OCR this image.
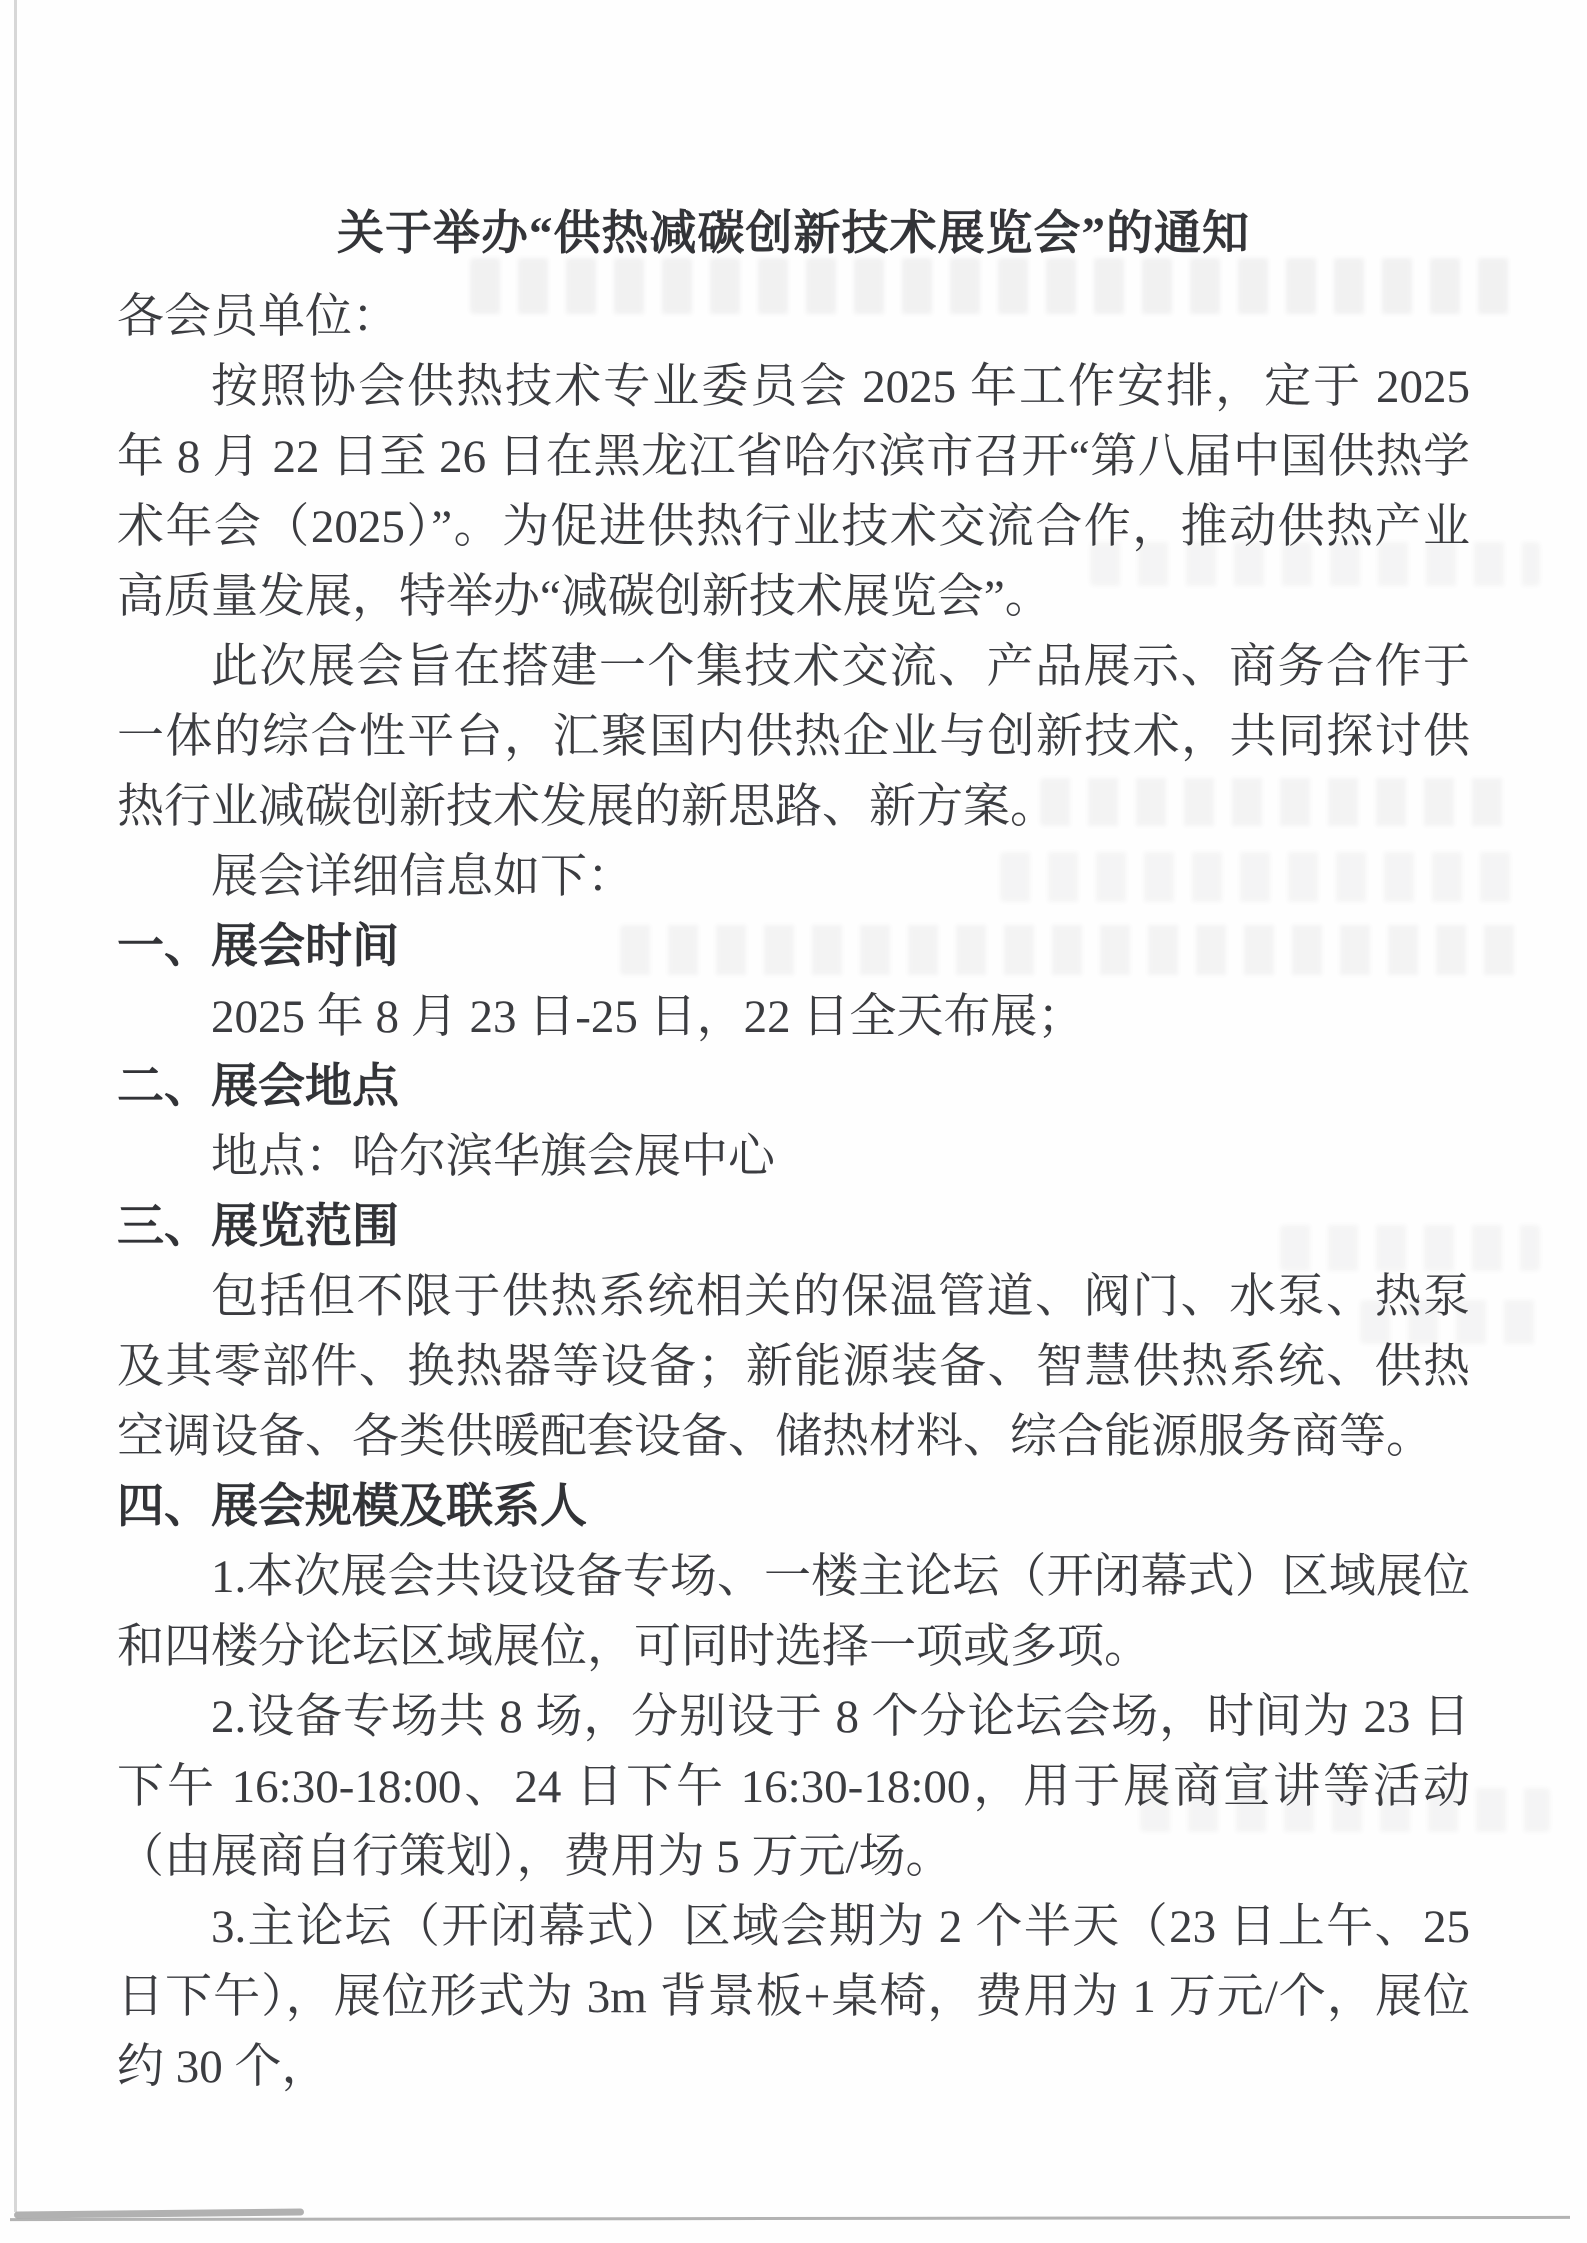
关于举办“供热减碳创新技术展览会”的通知

各会员单位：

按照协会供热技术专业委员会 2025 年工作安排，定于 2025 年 8 月 22 日至 26 日在黑龙江省哈尔滨市召开“第八届中国供热学术年会（2025）”。为促进供热行业技术交流合作，推动供热产业高质量发展，特举办“减碳创新技术展览会”。

此次展会旨在搭建一个集技术交流、产品展示、商务合作于一体的综合性平台，汇聚国内供热企业与创新技术，共同探讨供热行业减碳创新技术发展的新思路、新方案。

展会详细信息如下：

一、展会时间

2025 年 8 月 23 日-25 日，22 日全天布展；

二、展会地点

地点：哈尔滨华旗会展中心

三、展览范围

包括但不限于供热系统相关的保温管道、阀门、水泵、热泵及其零部件、换热器等设备；新能源装备、智慧供热系统、供热空调设备、各类供暖配套设备、储热材料、综合能源服务商等。

四、展会规模及联系人

1.本次展会共设设备专场、一楼主论坛（开闭幕式）区域展位和四楼分论坛区域展位，可同时选择一项或多项。

2.设备专场共 8 场，分别设于 8 个分论坛会场，时间为 23 日下午 16:30-18:00、24 日下午 16:30-18:00，用于展商宣讲等活动（由展商自行策划），费用为 5 万元/场。

3.主论坛（开闭幕式）区域会期为 2 个半天（23 日上午、25 日下午），展位形式为 3m 背景板+桌椅，费用为 1 万元/个，展位约 30 个，
